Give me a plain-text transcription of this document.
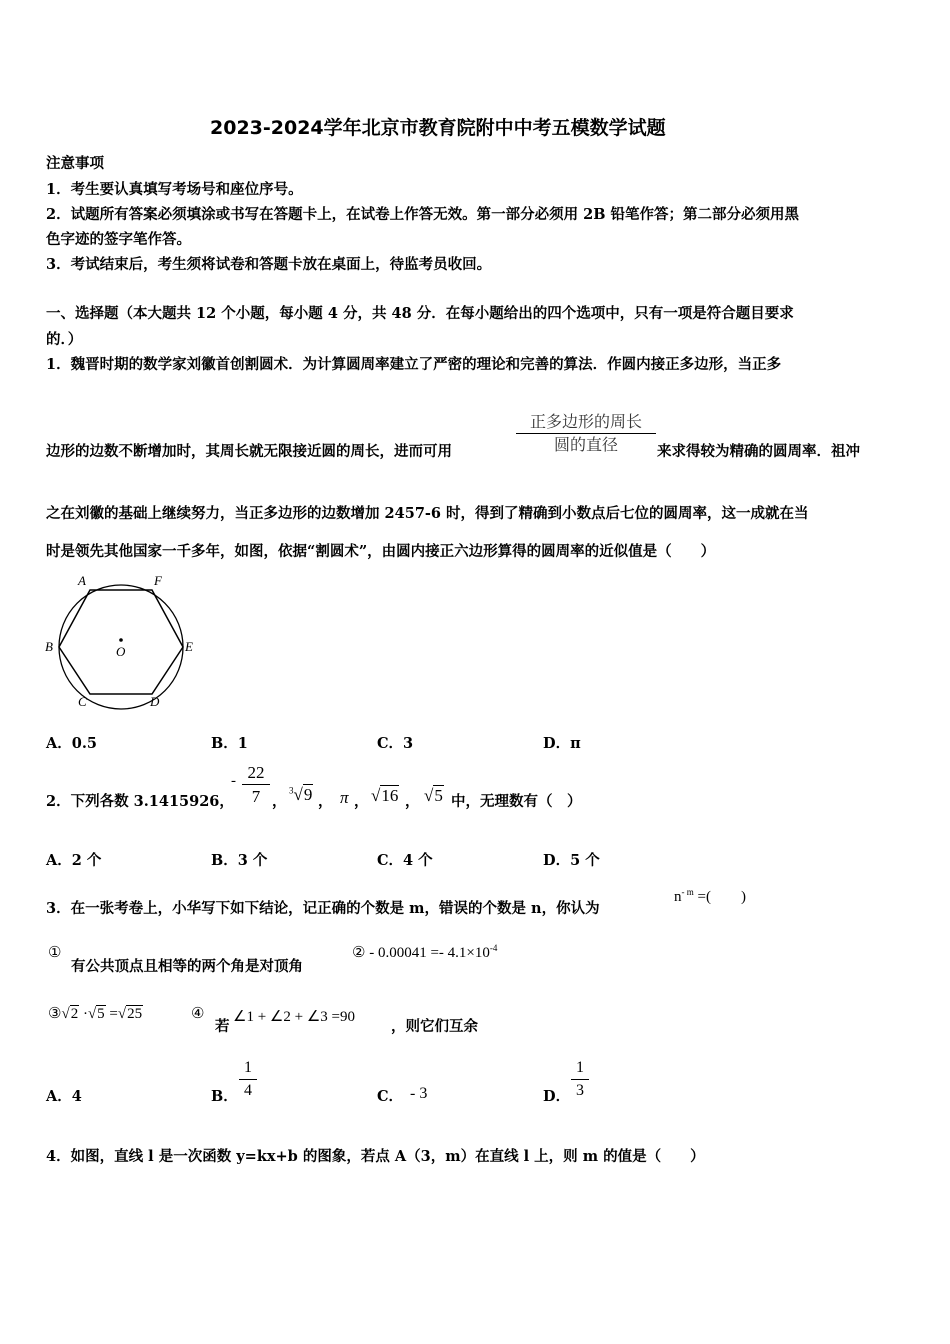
2023-2024学年北京市教育院附中中考五模数学试题
注意事项
1．考生要认真填写考场号和座位序号。
2．试题所有答案必须填涂或书写在答题卡上，在试卷上作答无效。第一部分必须用 2B 铅笔作答；第二部分必须用黑
色字迹的签字笔作答。
3．考试结束后，考生须将试卷和答题卡放在桌面上，待监考员收回。
一、选择题（本大题共 12 个小题，每小题 4 分，共 48 分．在每小题给出的四个选项中，只有一项是符合题目要求
的．）
1．魏晋时期的数学家刘徽首创割圆术．为计算圆周率建立了严密的理论和完善的算法．作圆内接正多边形，当正多
边形的边数不断增加时，其周长就无限接近圆的周长，进而可用
正多边形的周长
圆的直径	来求得较为精确的圆周率．祖冲
之在刘徽的基础上继续努力，当正多边形的边数增加 2457-6 时，得到了精确到小数点后七位的圆周率，这一成就在当
时是领先其他国家一千多年，如图，依据“割圆术”，由圆内接正六边形算得的圆周率的近似值是（　　）
A	F
B	E
O
C	D
A．0.5	B．1	C．3	D．π
2．下列各数 3.1415926，
- 22
7 ，
$^3$√9 ， π ， √16 ， √5 中，无理数有（　）
A．2 个	B．3 个	C．4 个	D．5 个
3．在一张考卷上，小华写下如下结论，记正确的个数是 m，错误的个数是 n，你认为
$n^{- m}$ =(　　)
①
有公共顶点且相等的两个角是对顶角
② - $0.00041 =- 4.1\times 10^{-4}$
③√2 ·√5 =√25	④
若
∠1 + ∠2 + ∠3 =90
，则它们互余
A．4	B．
1
4	C． - 3	D．
1
3
4．如图，直线 l 是一次函数 y=kx+b 的图象，若点 A（3，m）在直线 l 上，则 m 的值是（　　）
